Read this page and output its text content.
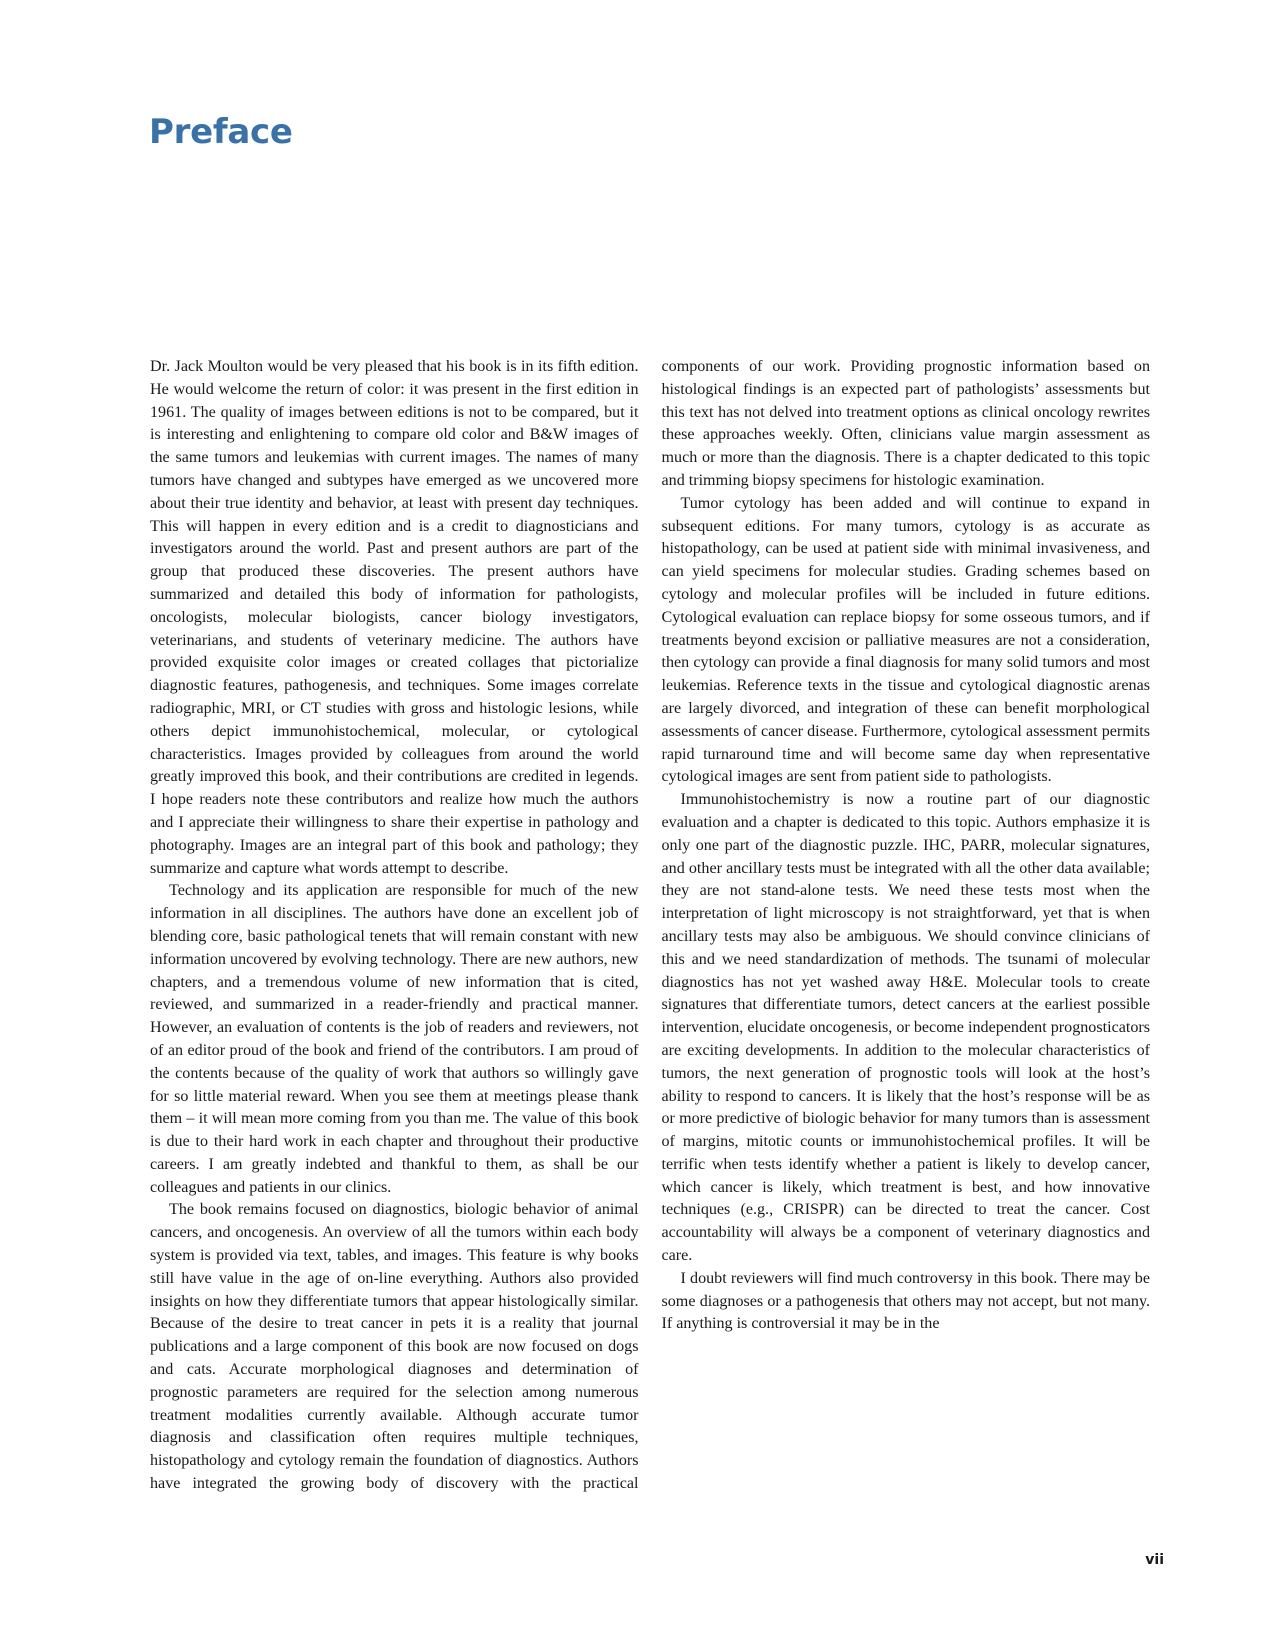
Preface

Dr. Jack Moulton would be very pleased that his book is in its fifth edition. He would welcome the return of color: it was present in the first edition in 1961. The quality of images between editions is not to be compared, but it is interesting and enlightening to compare old color and B&W images of the same tumors and leukemias with current images. The names of many tumors have changed and subtypes have emerged as we uncovered more about their true identity and behavior, at least with present day techniques. This will happen in every edition and is a credit to diagnosticians and investigators around the world. Past and present authors are part of the group that produced these discoveries. The present authors have summarized and detailed this body of information for pathologists, oncologists, molecular biologists, cancer biology investigators, veterinarians, and students of veterinary medicine. The authors have provided exquisite color images or created collages that pictorialize diagnostic features, pathogenesis, and techniques. Some images correlate radiographic, MRI, or CT studies with gross and histologic lesions, while others depict immunohistochemical, molecular, or cytological characteristics. Images provided by colleagues from around the world greatly improved this book, and their contributions are credited in legends. I hope readers note these contributors and realize how much the authors and I appreciate their willingness to share their expertise in pathology and photography. Images are an integral part of this book and pathology; they summarize and capture what words attempt to describe.

Technology and its application are responsible for much of the new information in all disciplines. The authors have done an excellent job of blending core, basic pathological tenets that will remain constant with new information uncovered by evolving technology. There are new authors, new chapters, and a tremendous volume of new information that is cited, reviewed, and summarized in a reader-friendly and practical manner. However, an evaluation of contents is the job of readers and reviewers, not of an editor proud of the book and friend of the contributors. I am proud of the contents because of the quality of work that authors so willingly gave for so little material reward. When you see them at meetings please thank them – it will mean more coming from you than me. The value of this book is due to their hard work in each chapter and throughout their productive careers. I am greatly indebted and thankful to them, as shall be our colleagues and patients in our clinics.

The book remains focused on diagnostics, biologic behavior of animal cancers, and oncogenesis. An overview of all the tumors within each body system is provided via text, tables, and images. This feature is why books still have value in the age of on-line everything. Authors also provided insights on how they differentiate tumors that appear histologically similar. Because of the desire to treat cancer in pets it is a reality that journal publications and a large component of this book are now focused on dogs and cats. Accurate morphological diagnoses and determination of prognostic parameters are required for the selection among numerous treatment modalities currently available. Although accurate tumor diagnosis and classification often requires multiple techniques, histopathology and cytology remain the foundation of diagnostics. Authors have integrated the growing body of discovery with the practical components of our work. Providing prognostic information based on histological findings is an expected part of pathologists’ assessments but this text has not delved into treatment options as clinical oncology rewrites these approaches weekly. Often, clinicians value margin assessment as much or more than the diagnosis. There is a chapter dedicated to this topic and trimming biopsy specimens for histologic examination.

Tumor cytology has been added and will continue to expand in subsequent editions. For many tumors, cytology is as accurate as histopathology, can be used at patient side with minimal invasiveness, and can yield specimens for molecular studies. Grading schemes based on cytology and molecular profiles will be included in future editions. Cytological evaluation can replace biopsy for some osseous tumors, and if treatments beyond excision or palliative measures are not a consideration, then cytology can provide a final diagnosis for many solid tumors and most leukemias. Reference texts in the tissue and cytological diagnostic arenas are largely divorced, and integration of these can benefit morphological assessments of cancer disease. Furthermore, cytological assessment permits rapid turnaround time and will become same day when representative cytological images are sent from patient side to pathologists.

Immunohistochemistry is now a routine part of our diagnostic evaluation and a chapter is dedicated to this topic. Authors emphasize it is only one part of the diagnostic puzzle. IHC, PARR, molecular signatures, and other ancillary tests must be integrated with all the other data available; they are not stand-alone tests. We need these tests most when the interpretation of light microscopy is not straightforward, yet that is when ancillary tests may also be ambiguous. We should convince clinicians of this and we need standardization of methods. The tsunami of molecular diagnostics has not yet washed away H&E. Molecular tools to create signatures that differentiate tumors, detect cancers at the earliest possible intervention, elucidate oncogenesis, or become independent prognosticators are exciting developments. In addition to the molecular characteristics of tumors, the next generation of prognostic tools will look at the host’s ability to respond to cancers. It is likely that the host’s response will be as or more predictive of biologic behavior for many tumors than is assessment of margins, mitotic counts or immunohistochemical profiles. It will be terrific when tests identify whether a patient is likely to develop cancer, which cancer is likely, which treatment is best, and how innovative techniques (e.g., CRISPR) can be directed to treat the cancer. Cost accountability will always be a component of veterinary diagnostics and care.

I doubt reviewers will find much controversy in this book. There may be some diagnoses or a pathogenesis that others may not accept, but not many. If anything is controversial it may be in the

vii
